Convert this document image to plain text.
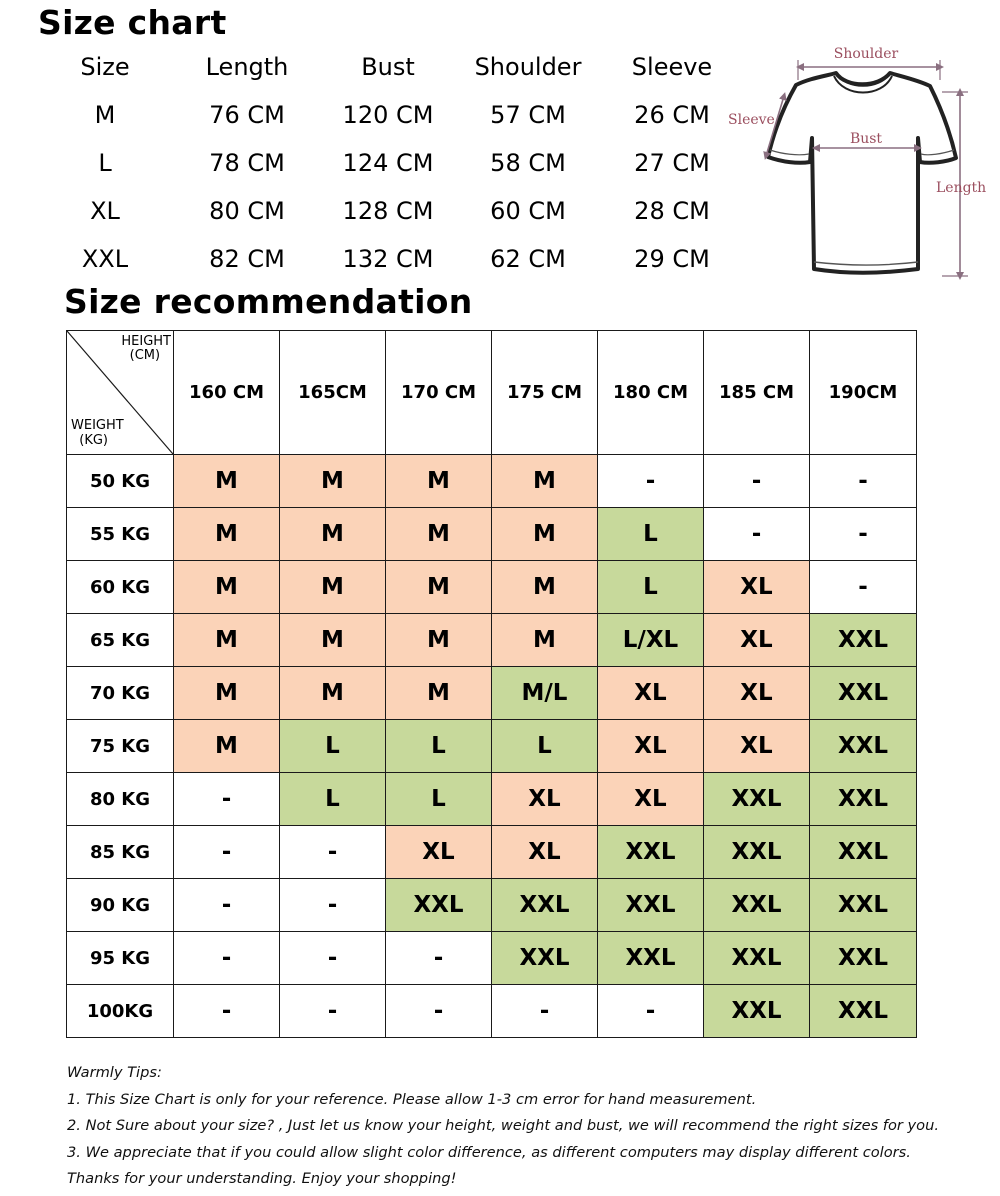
Size chart
Size	Length	Bust	Shoulder	Sleeve
M	76 CM	120 CM	57 CM	26 CM
L	78 CM	124 CM	58 CM	27 CM
XL	80 CM	128 CM	60 CM	28 CM
XXL	82 CM	132 CM	62 CM	29 CM
Shoulder
Bust
Sleeve
Length
Size recommendation
HEIGHT
(CM)
WEIGHT
(KG)	160 CM	165CM	170 CM	175 CM	180 CM	185 CM	190CM
50 KG	M	M	M	M	-	-	-
55 KG	M	M	M	M	L	-	-
60 KG	M	M	M	M	L	XL	-
65 KG	M	M	M	M	L/XL	XL	XXL
70 KG	M	M	M	M/L	XL	XL	XXL
75 KG	M	L	L	L	XL	XL	XXL
80 KG	-	L	L	XL	XL	XXL	XXL
85 KG	-	-	XL	XL	XXL	XXL	XXL
90 KG	-	-	XXL	XXL	XXL	XXL	XXL
95 KG	-	-	-	XXL	XXL	XXL	XXL
100KG	-	-	-	-	-	XXL	XXL
Warmly Tips:
1. This Size Chart is only for your reference. Please allow 1-3 cm error for hand measurement.
2. Not Sure about your size? , Just let us know your height, weight and bust, we will recommend the right sizes for you.
3. We appreciate that if you could allow slight color difference, as different computers may display different colors.
Thanks for your understanding. Enjoy your shopping!
